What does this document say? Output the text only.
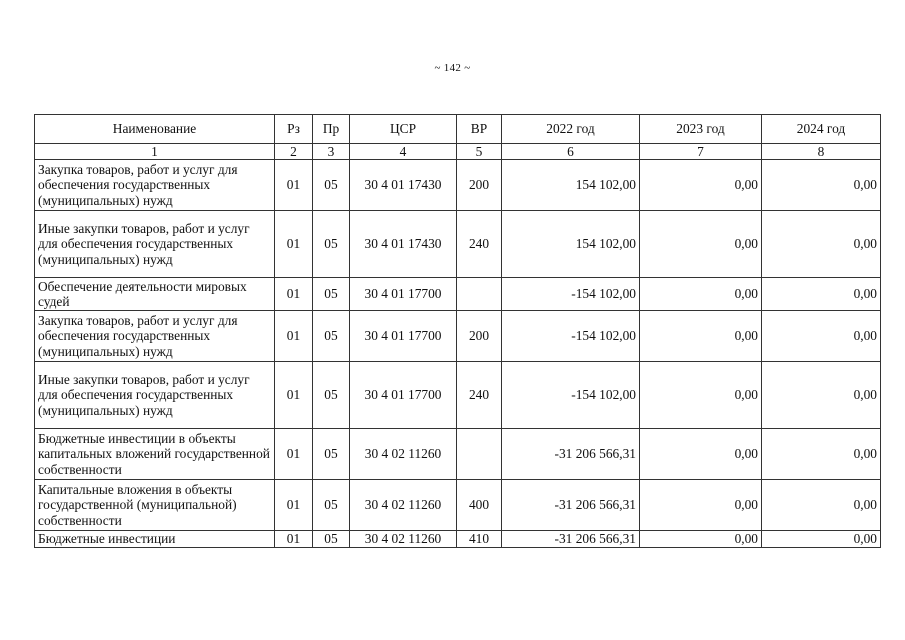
~ 142 ~
Наименование	Рз	Пр	ЦСР	ВР	2022 год	2023 год	2024 год
1	2	3	4	5	6	7	8
Закупка товаров, работ и услуг для обеспечения государственных (муниципальных) нужд	01	05	30 4 01 17430	200	154 102,00	0,00	0,00
Иные закупки товаров, работ и услуг для обеспечения государственных (муниципальных) нужд	01	05	30 4 01 17430	240	154 102,00	0,00	0,00
Обеспечение деятельности мировых судей	01	05	30 4 01 17700		-154 102,00	0,00	0,00
Закупка товаров, работ и услуг для обеспечения государственных (муниципальных) нужд	01	05	30 4 01 17700	200	-154 102,00	0,00	0,00
Иные закупки товаров, работ и услуг для обеспечения государственных (муниципальных) нужд	01	05	30 4 01 17700	240	-154 102,00	0,00	0,00
Бюджетные инвестиции в объекты капитальных вложений государственной собственности	01	05	30 4 02 11260		-31 206 566,31	0,00	0,00
Капитальные вложения в объекты государственной (муниципальной) собственности	01	05	30 4 02 11260	400	-31 206 566,31	0,00	0,00
Бюджетные инвестиции	01	05	30 4 02 11260	410	-31 206 566,31	0,00	0,00
